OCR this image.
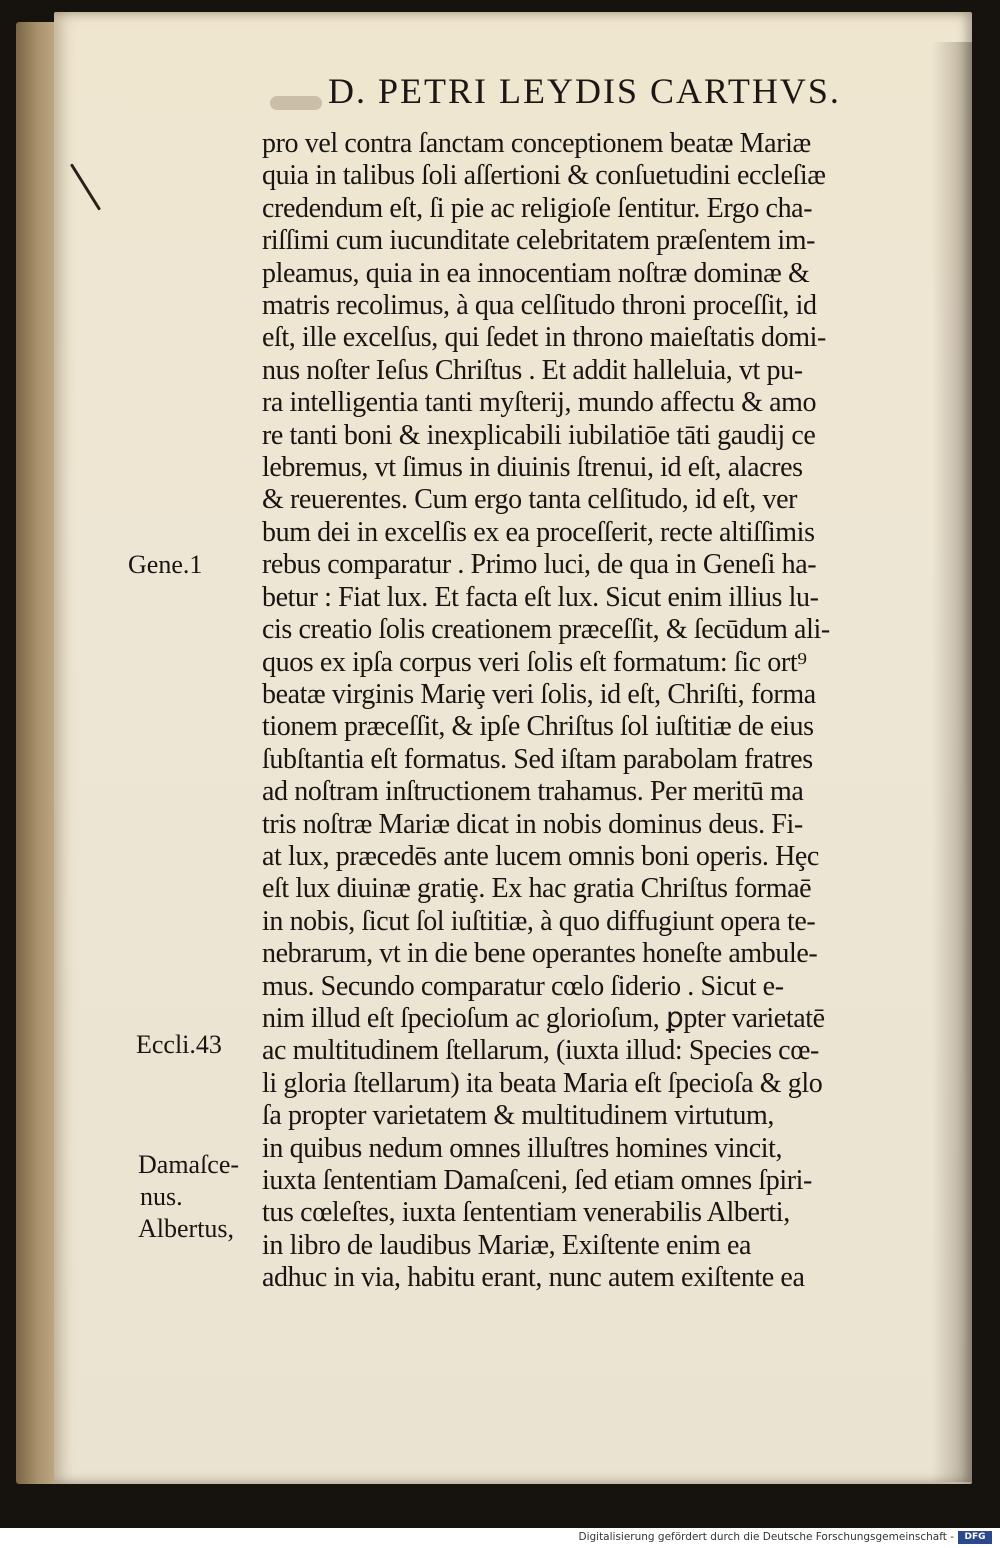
D. PETRI LEYDIS CARTHVS.
pro vel contra ſanctam conceptionem beatæ Mariæ
quia in talibus ſoli aſſertioni & conſuetudini eccleſiæ
credendum eſt, ſi pie ac religioſe ſentitur. Ergo cha-
riſſimi cum iucunditate celebritatem præſentem im-
pleamus, quia in ea innocentiam noſtræ dominæ &
matris recolimus, à qua celſitudo throni proceſſit, id
eſt, ille excelſus, qui ſedet in throno maieſtatis domi-
nus noſter Ieſus Chriſtus . Et addit halleluia, vt pu-
ra intelligentia tanti myſterij, mundo affectu & amo
re tanti boni & inexplicabili iubilatiōe tāti gaudij ce
lebremus, vt ſimus in diuinis ſtrenui, id eſt, alacres
& reuerentes. Cum ergo tanta celſitudo, id eſt, ver
bum dei in excelſis ex ea proceſſerit, recte altiſſimis
rebus comparatur . Primo luci, de qua in Geneſi ha-
betur : Fiat lux. Et facta eſt lux. Sicut enim illius lu-
cis creatio ſolis creationem præceſſit, & ſecūdum ali-
quos ex ipſa corpus veri ſolis eſt formatum: ſic ort⁹
beatæ virginis Mariȩ veri ſolis, id eſt, Chriſti, forma
tionem præceſſit, & ipſe Chriſtus ſol iuſtitiæ de eius
ſubſtantia eſt formatus. Sed iſtam parabolam fratres
ad noſtram inſtructionem trahamus. Per meritū ma
tris noſtræ Mariæ dicat in nobis dominus deus. Fi-
at lux, præcedēs ante lucem omnis boni operis. Hȩc
eſt lux diuinæ gratiȩ. Ex hac gratia Chriſtus formaē
in nobis, ſicut ſol iuſtitiæ, à quo diffugiunt opera te-
nebrarum, vt in die bene operantes honeſte ambule-
mus. Secundo comparatur cœlo ſiderio . Sicut e-
nim illud eſt ſpecioſum ac glorioſum, ꝑpter varietatē
ac multitudinem ſtellarum, (iuxta illud: Species cœ-
li gloria ſtellarum) ita beata Maria eſt ſpecioſa & glo
ſa propter varietatem & multitudinem virtutum,
in quibus nedum omnes illuſtres homines vincit,
iuxta ſententiam Damaſceni, ſed etiam omnes ſpiri-
tus cœleſtes, iuxta ſententiam venerabilis Alberti,
in libro de laudibus Mariæ, Exiſtente enim ea
adhuc in via, habitu erant, nunc autem exiſtente ea
Gene.1
Eccli.43
Damaſce-
nus.
Albertus,
Digitalisierung gefördert durch die Deutsche Forschungsgemeinschaft -	DFG
